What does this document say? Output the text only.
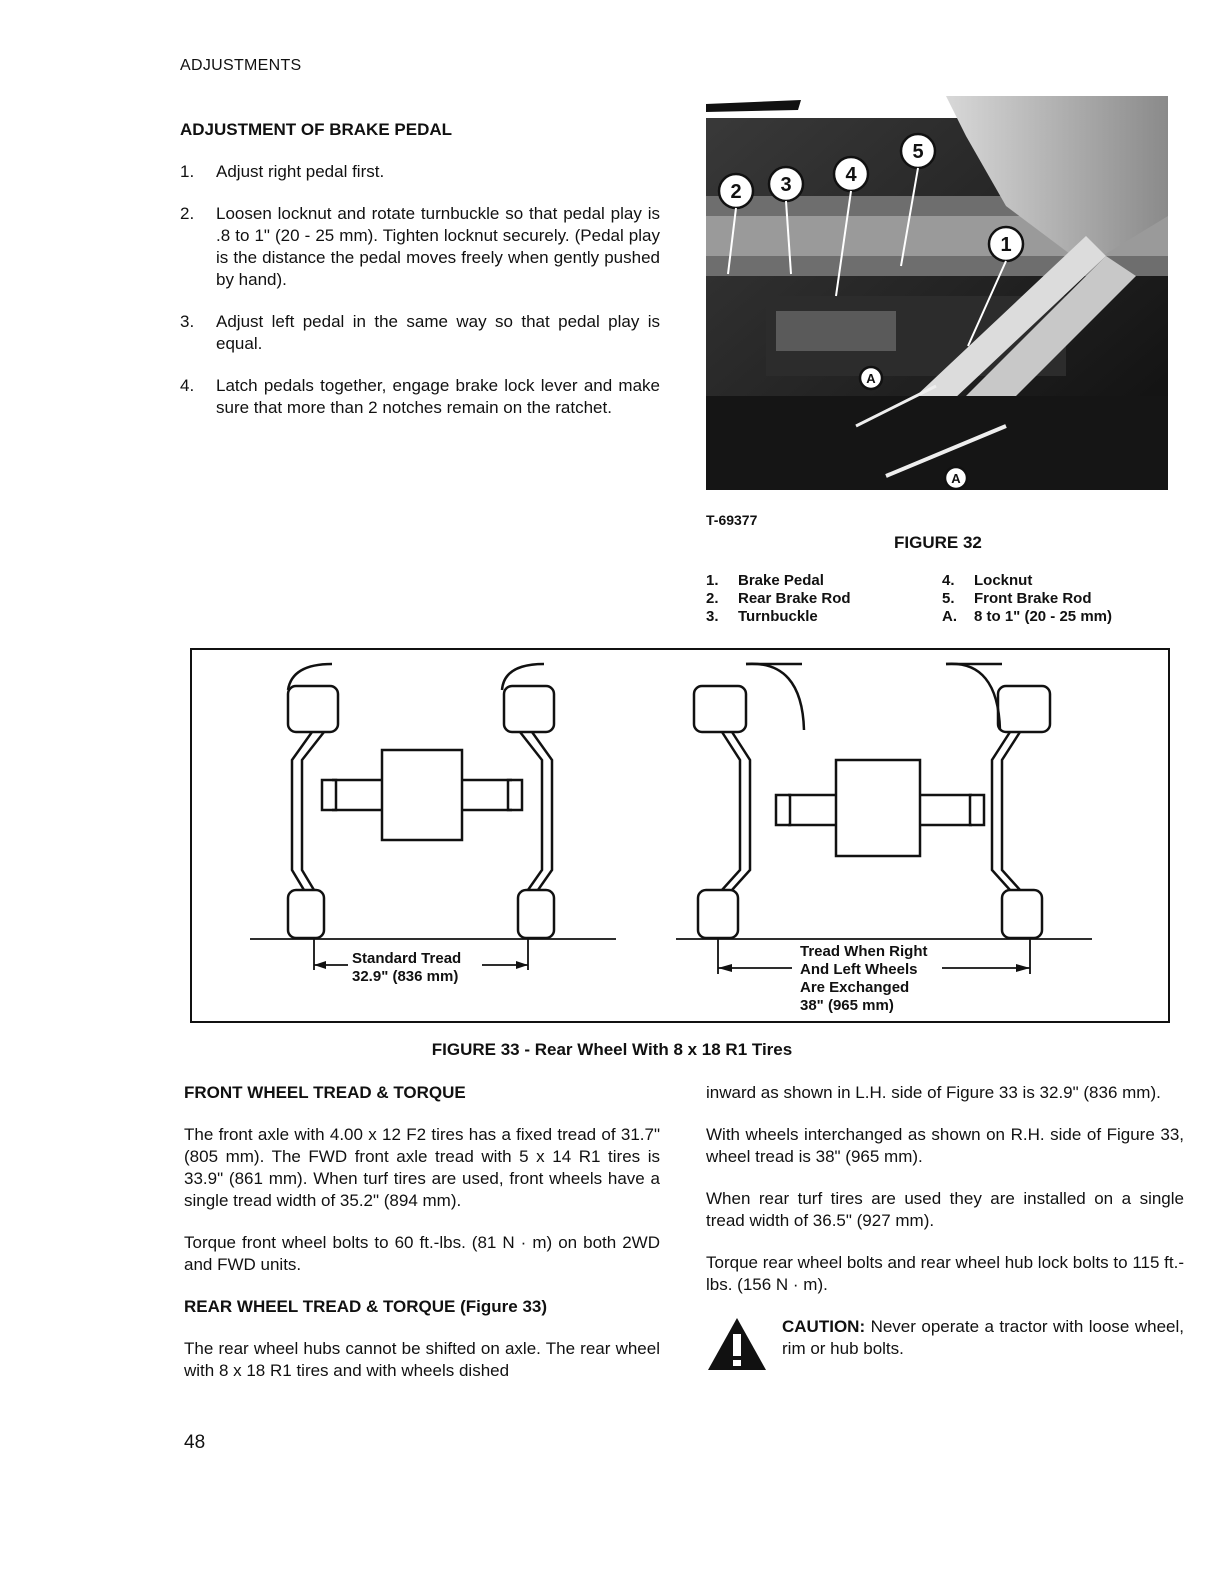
ADJUSTMENTS
ADJUSTMENT OF BRAKE PEDAL
1.	Adjust right pedal first.
2.	Loosen locknut and rotate turnbuckle so that pedal play is .8 to 1" (20 - 25 mm). Tighten locknut securely. (Pedal play is the distance the pedal moves freely when gently pushed by hand).
3.	Adjust left pedal in the same way so that pedal play is equal.
4.	Latch pedals together, engage brake lock lever and make sure that more than 2 notches remain on the ratchet.
2 3	4
5
1
A
A
T-69377
FIGURE 32
1.	Brake Pedal
2.	Rear Brake Rod
3.	Turnbuckle
4.	Locknut
5.	Front Brake Rod
A.	8 to 1" (20 - 25 mm)
Standard Tread
32.9" (836 mm)
Tread When Right
And Left Wheels
Are Exchanged
38" (965 mm)
FIGURE 33 - Rear Wheel With 8 x 18 R1 Tires
FRONT WHEEL TREAD & TORQUE

The front axle with 4.00 x 12 F2 tires has a fixed tread of 31.7" (805 mm). The FWD front axle tread with 5 x 14 R1 tires is 33.9" (861 mm). When turf tires are used, front wheels have a single tread width of 35.2" (894 mm).

Torque front wheel bolts to 60 ft.-lbs. (81 N · m) on both 2WD and FWD units.

REAR WHEEL TREAD & TORQUE (Figure 33)

The rear wheel hubs cannot be shifted on axle. The rear wheel with 8 x 18 R1 tires and with wheels dished

inward as shown in L.H. side of Figure 33 is 32.9" (836 mm).

With wheels interchanged as shown on R.H. side of Figure 33, wheel tread is 38" (965 mm).

When rear turf tires are used they are installed on a single tread width of 36.5" (927 mm).

Torque rear wheel bolts and rear wheel hub lock bolts to 115 ft.-lbs. (156 N · m).

CAUTION: Never operate a tractor with loose wheel, rim or hub bolts.
48
